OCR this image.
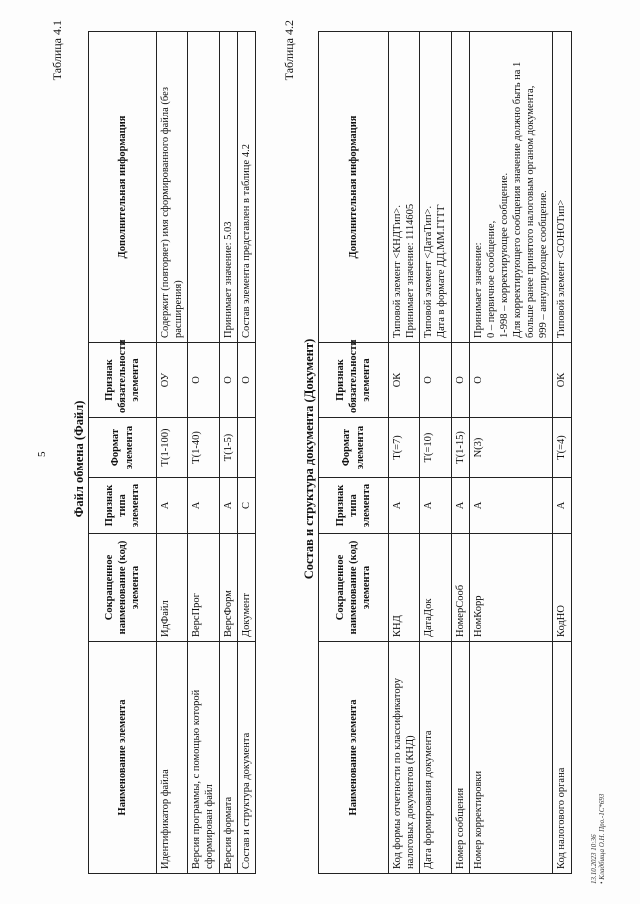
5
Таблица 4.1
Файл обмена (Файл)
Наименование элемента	Сокращенное наименование (код) элемента	Признак типа элемента	Формат элемента	Признак обязательности элемента	Дополнительная информация
Идентификатор файла	ИдФайл	А	Т(1-100)	ОУ	Содержит (повторяет) имя сформированного файла (без расширения)
Версия программы, с помощью которой сформирован файл	ВерсПрог	А	Т(1-40)	О	
Версия формата	ВерсФорм	А	Т(1-5)	О	Принимает значение: 5.03
Состав и структура документа	Документ	С		О	Состав элемента представлен в таблице 4.2
Таблица 4.2
Состав и структура документа (Документ)
Наименование элемента	Сокращенное наименование (код) элемента	Признак типа элемента	Формат элемента	Признак обязательности элемента	Дополнительная информация
Код формы отчетности по классификатору налоговых документов (КНД)	КНД	А	Т(=7)	ОК	Типовой элемент <КНДТип>.
Принимает значение: 1114605
Дата формирования документа	ДатаДок	А	Т(=10)	О	Типовой элемент <ДатаТип>.
Дата в формате ДД.ММ.ГГГГ
Номер сообщения	НомерСооб	А	Т(1-15)	О	
Номер корректировки	НомКорр	А	N(3)	О	Принимает значение:
0 – первичное сообщение,
1-998 – корректирующее сообщение.
Для корректирующего сообщения значение должно быть на 1 больше ранее принятого налоговым органом документа,
999 – аннулирующее сообщение.
Код налогового органа	КодНО	А	Т(=4)	ОК	Типовой элемент <СОНОТип>
13.10.2023 10:36 • Кладбища О.Н. Про.-1С*693
